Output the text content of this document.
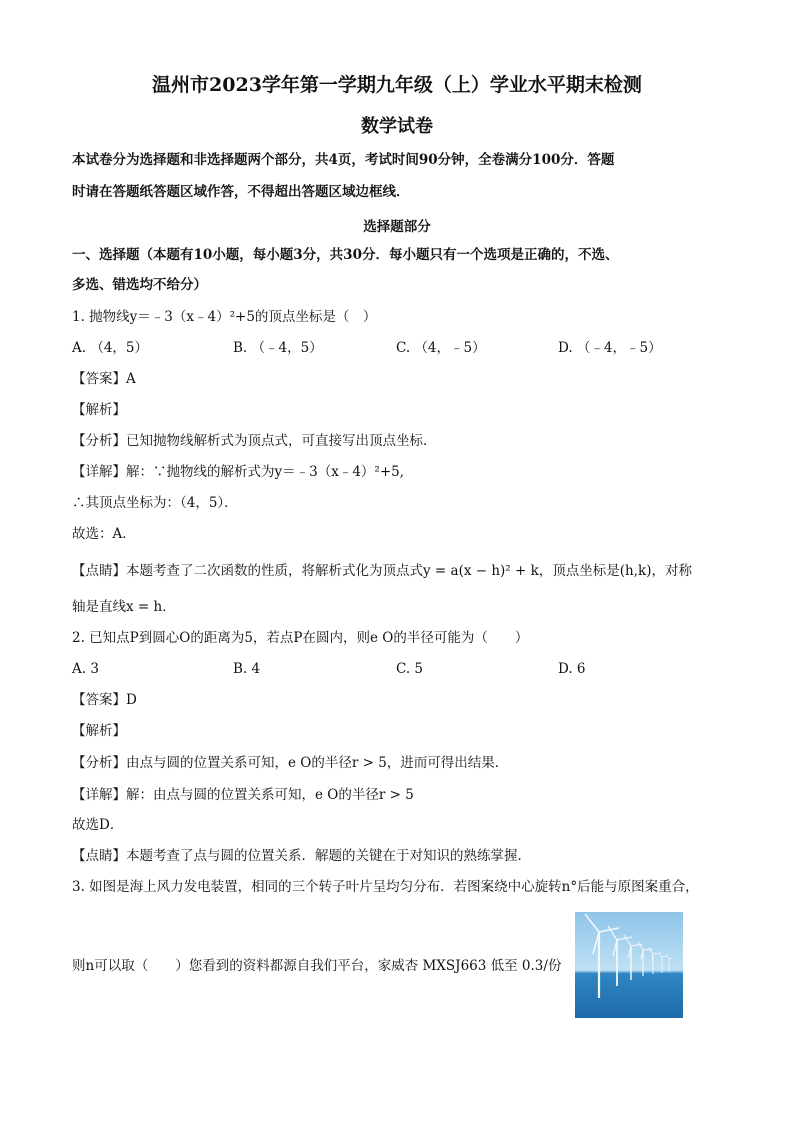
温州市2023学年第一学期九年级（上）学业水平期末检测
数学试卷
本试卷分为选择题和非选择题两个部分，共4页，考试时间90分钟，全卷满分100分．答题
时请在答题纸答题区域作答，不得超出答题区域边框线．
选择题部分
一、选择题（本题有10小题，每小题3分，共30分．每小题只有一个选项是正确的，不选、
多选、错选均不给分）
1. 抛物线y＝﹣3（x﹣4）²+5的顶点坐标是（　）
A. （4，5）	B. （﹣4，5）	C. （4，﹣5）	D. （﹣4，﹣5）
【答案】A
【解析】
【分析】已知抛物线解析式为顶点式，可直接写出顶点坐标．
【详解】解：∵抛物线的解析式为y＝﹣3（x﹣4）²+5,
∴其顶点坐标为：（4，5）．
故选：A．
【点睛】本题考查了二次函数的性质，将解析式化为顶点式y = a(x − h)² + k，顶点坐标是(h,k)，对称
轴是直线x = h．
2. 已知点P到圆心O的距离为5，若点P在圆内，则e O的半径可能为（　　）
A. 3	B. 4	C. 5	D. 6
【答案】D
【解析】
【分析】由点与圆的位置关系可知，e O的半径r > 5，进而可得出结果．
【详解】解：由点与圆的位置关系可知，e O的半径r > 5
故选D．
【点睛】本题考查了点与圆的位置关系．解题的关键在于对知识的熟练掌握．
3. 如图是海上风力发电装置，相同的三个转子叶片呈均匀分布．若图案绕中心旋转n°后能与原图案重合，
则n可以取（　　）您看到的资料都源自我们平台，家威杏 MXSJ663 低至 0.3/份
